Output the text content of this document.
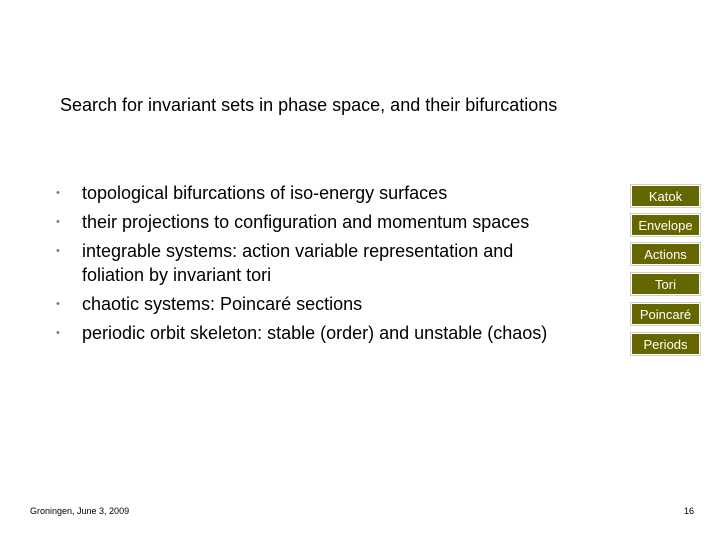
Search for invariant sets in phase space, and their bifurcations
• topological bifurcations of iso-energy surfaces
• their projections to configuration and momentum spaces
• integrable systems: action variable representation and foliation by invariant tori
• chaotic systems: Poincaré sections
• periodic orbit skeleton: stable (order) and unstable (chaos)
Katok
Envelope
Actions
Tori
Poincaré
Periods
Groningen, June 3, 2009	16
